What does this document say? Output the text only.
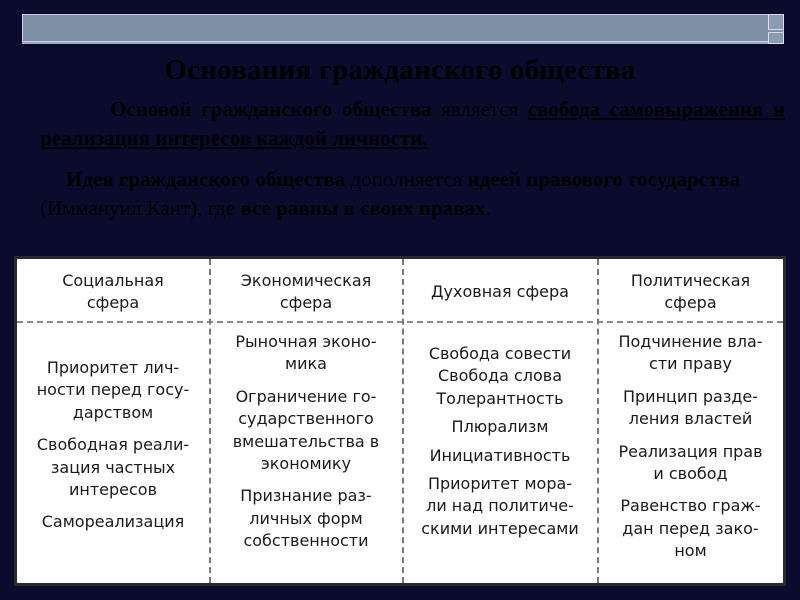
Основания гражданского общества
Основой гражданского общества является свобода самовыражения и реализация интересов каждой личности.
Идея гражданского общества дополняется идеей правового государства (Иммануил Кант), где все равны в своих правах.
Социальная
сфера
Приоритет лич-
ности перед госу-
дарством
Свободная реали-
зация частных
интересов
Самореализация
Экономическая
сфера
Рыночная эконо-
мика
Ограничение го-
сударственного
вмешательства в
экономику
Признание раз-
личных форм
собственности
Духовная сфера
Свобода совести
Свобода слова
Толерантность
Плюрализм
Инициативность
Приоритет мора-
ли над политиче-
скими интересами
Политическая
сфера
Подчинение вла-
сти праву
Принцип разде-
ления властей
Реализация прав
и свобод
Равенство граж-
дан перед зако-
ном
